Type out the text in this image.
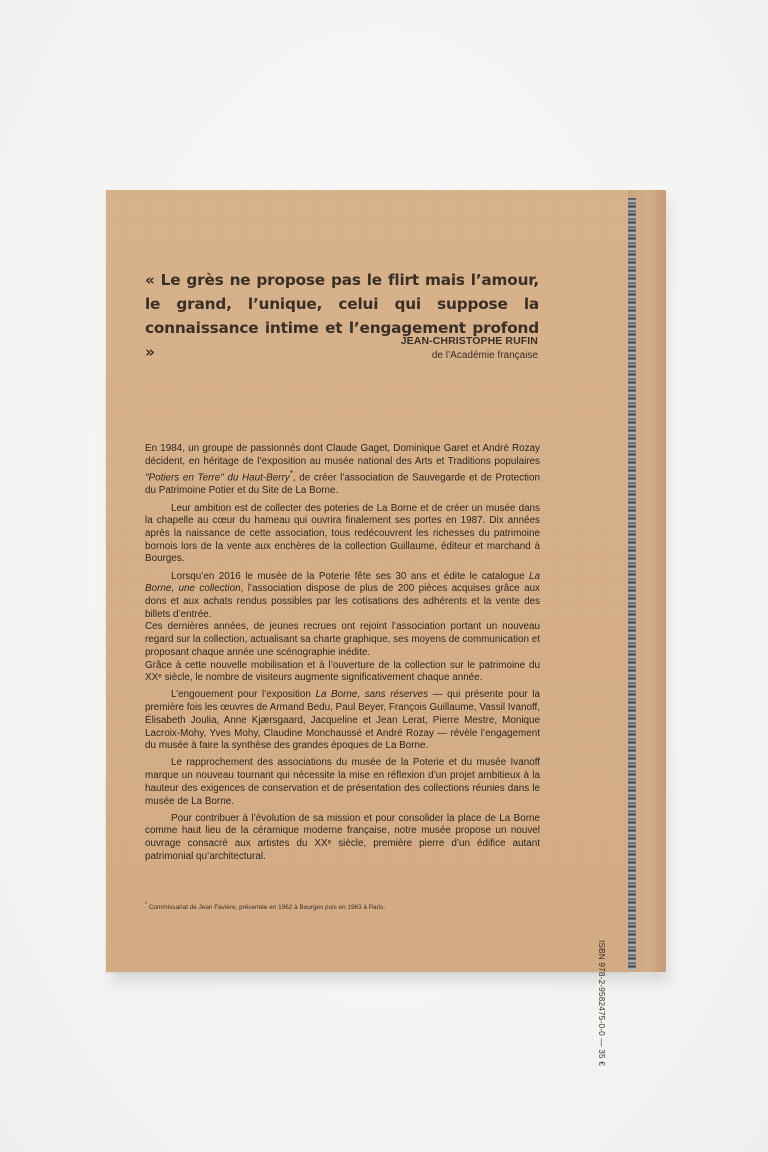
« Le grès ne propose pas le flirt mais l’amour, le grand, l’unique, celui qui suppose la connaissance intime et l’engagement profond »

JEAN-CHRISTOPHE RUFIN
de l’Académie française

En 1984, un groupe de passionnés dont Claude Gaget, Dominique Garet et André Rozay décident, en héritage de l’exposition au musée national des Arts et Traditions populaires "Potiers en Terre" du Haut-Berry*, de créer l’association de Sauvegarde et de Protection du Patrimoine Potier et du Site de La Borne.

Leur ambition est de collecter des poteries de La Borne et de créer un musée dans la chapelle au cœur du hameau qui ouvrira finalement ses portes en 1987. Dix années après la naissance de cette association, tous redécouvrent les richesses du patrimoine bornois lors de la vente aux enchères de la collection Guillaume, éditeur et marchand à Bourges.

Lorsqu’en 2016 le musée de la Poterie fête ses 30 ans et édite le catalogue La Borne, une collection, l’association dispose de plus de 200 pièces acquises grâce aux dons et aux achats rendus possibles par les cotisations des adhérents et la vente des billets d’entrée.

Ces dernières années, de jeunes recrues ont rejoint l’association portant un nouveau regard sur la collection, actualisant sa charte graphique, ses moyens de communication et proposant chaque année une scénographie inédite.

Grâce à cette nouvelle mobilisation et à l’ouverture de la collection sur le patrimoine du XXᵉ siècle, le nombre de visiteurs augmente significativement chaque année.

L’engouement pour l’exposition La Borne, sans réserves — qui présente pour la première fois les œuvres de Armand Bedu, Paul Beyer, François Guillaume, Vassil Ivanoff, Élisabeth Joulia, Anne Kjærsgaard, Jacqueline et Jean Lerat, Pierre Mestre, Monique Lacroix-Mohy, Yves Mohy, Claudine Monchaussé et André Rozay — révèle l’engagement du musée à faire la synthèse des grandes époques de La Borne.

Le rapprochement des associations du musée de la Poterie et du musée Ivanoff marque un nouveau tournant qui nécessite la mise en réflexion d’un projet ambitieux à la hauteur des exigences de conservation et de présentation des collections réunies dans le musée de La Borne.

Pour contribuer à l’évolution de sa mission et pour consolider la place de La Borne comme haut lieu de la céramique moderne française, notre musée propose un nouvel ouvrage consacré aux artistes du XXᵉ siècle, première pierre d’un édifice autant patrimonial qu’architectural.

* Commissariat de Jean Favière, présentée en 1962 à Bourges puis en 1963 à Paris.
ISBN 978-2-9582475-0-0 — 35 €
